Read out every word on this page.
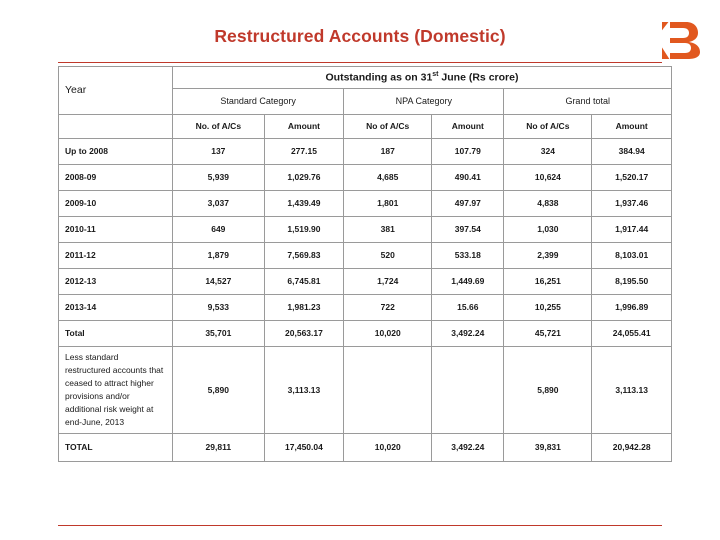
Restructured Accounts (Domestic)
Year	Outstanding as on 31st June (Rs crore)					
	Standard Category		NPA Category		Grand total	
	No. of A/Cs	Amount	No of A/Cs	Amount	No of A/Cs	Amount
Up to 2008	137	277.15	187	107.79	324	384.94
2008-09	5,939	1,029.76	4,685	490.41	10,624	1,520.17
2009-10	3,037	1,439.49	1,801	497.97	4,838	1,937.46
2010-11	649	1,519.90	381	397.54	1,030	1,917.44
2011-12	1,879	7,569.83	520	533.18	2,399	8,103.01
2012-13	14,527	6,745.81	1,724	1,449.69	16,251	8,195.50
2013-14	9,533	1,981.23	722	15.66	10,255	1,996.89
Total	35,701	20,563.17	10,020	3,492.24	45,721	24,055.41
Less standard restructured accounts that ceased to attract higher provisions and/or additional risk weight at end-June, 2013	5,890	3,113.13			5,890	3,113.13
TOTAL	29,811	17,450.04	10,020	3,492.24	39,831	20,942.28
